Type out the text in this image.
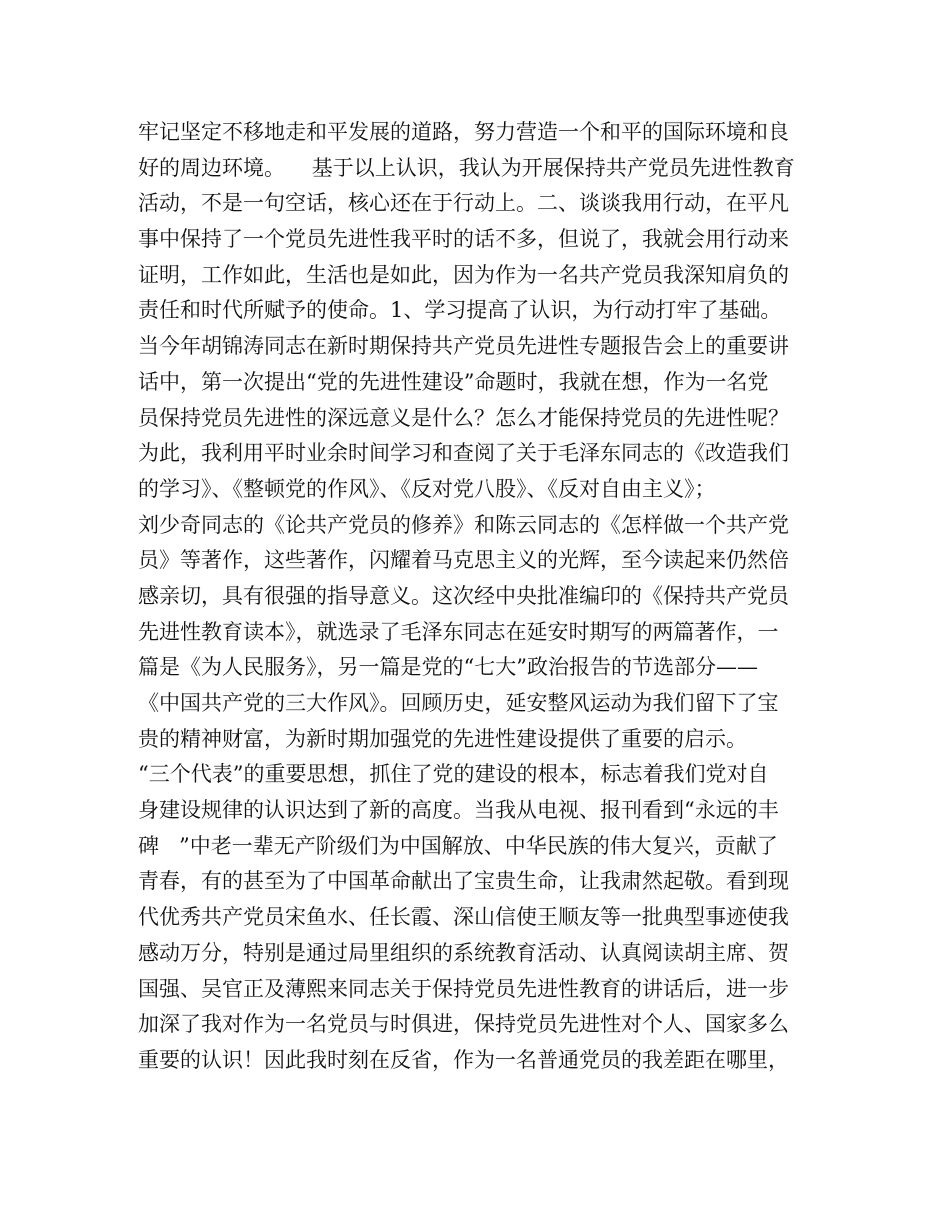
牢记坚定不移地走和平发展的道路，努力营造一个和平的国际环境和良
好的周边环境。    基于以上认识，我认为开展保持共产党员先进性教育
活动，不是一句空话，核心还在于行动上。二、谈谈我用行动，在平凡
事中保持了一个党员先进性我平时的话不多，但说了，我就会用行动来
证明，工作如此，生活也是如此，因为作为一名共产党员我深知肩负的
责任和时代所赋予的使命。1、学习提高了认识，为行动打牢了基础。
当今年胡锦涛同志在新时期保持共产党员先进性专题报告会上的重要讲
话中，第一次提出“党的先进性建设”命题时，我就在想，作为一名党
员保持党员先进性的深远意义是什么？怎么才能保持党员的先进性呢？
为此，我利用平时业余时间学习和查阅了关于毛泽东同志的《改造我们
的学习》、《整顿党的作风》、《反对党八股》、《反对自由主义》；
刘少奇同志的《论共产党员的修养》和陈云同志的《怎样做一个共产党
员》等著作，这些著作，闪耀着马克思主义的光辉，至今读起来仍然倍
感亲切，具有很强的指导意义。这次经中央批准编印的《保持共产党员
先进性教育读本》，就选录了毛泽东同志在延安时期写的两篇著作，一
篇是《为人民服务》，另一篇是党的“七大”政治报告的节选部分——
《中国共产党的三大作风》。回顾历史，延安整风运动为我们留下了宝
贵的精神财富，为新时期加强党的先进性建设提供了重要的启示。
“三个代表”的重要思想，抓住了党的建设的根本，标志着我们党对自
身建设规律的认识达到了新的高度。当我从电视、报刊看到“永远的丰
碑   ”中老一辈无产阶级们为中国解放、中华民族的伟大复兴，贡献了
青春，有的甚至为了中国革命献出了宝贵生命，让我肃然起敬。看到现
代优秀共产党员宋鱼水、任长霞、深山信使王顺友等一批典型事迹使我
感动万分，特别是通过局里组织的系统教育活动、认真阅读胡主席、贺
国强、吴官正及薄熙来同志关于保持党员先进性教育的讲话后，进一步
加深了我对作为一名党员与时俱进，保持党员先进性对个人、国家多么
重要的认识！因此我时刻在反省，作为一名普通党员的我差距在哪里，
